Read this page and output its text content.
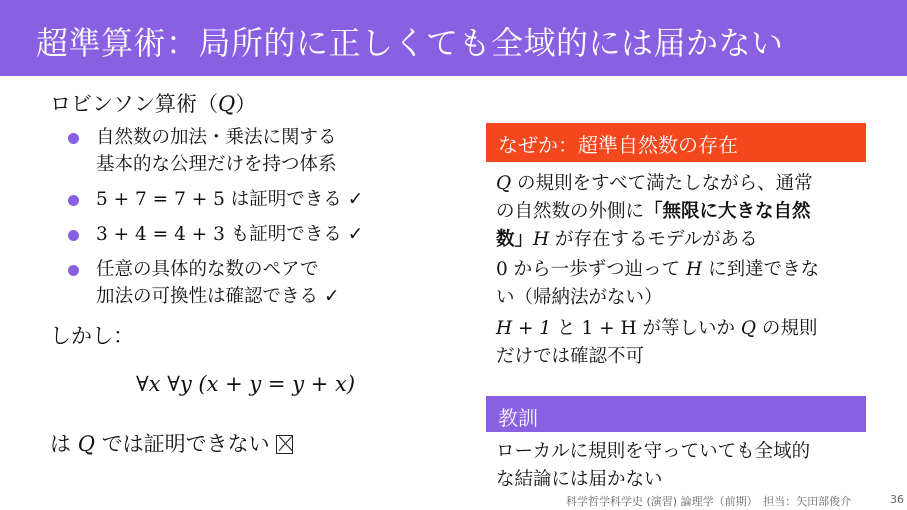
超準算術：局所的に正しくても全域的には届かない

ロビンソン算術（Q）

自然数の加法・乗法に関する
基本的な公理だけを持つ体系
5 + 7 = 7 + 5 は証明できる ✓
3 + 4 = 4 + 3 も証明できる ✓
任意の具体的な数のペアで
加法の可換性は確認できる ✓
しかし：
∀x ∀y (x + y = y + x)
は Q では証明できない
なぜか：超準自然数の存在

Q の規則をすべて満たしながら、通常
の自然数の外側に「無限に大きな自然
数」H が存在するモデルがある

0 から一歩ずつ辿って H に到達できな
い（帰納法がない）

H + 1 と 1 + H が等しいか Q の規則
だけでは確認不可

教訓

ローカルに規則を守っていても全域的
な結論には届かない

科学哲学科学史 (演習) 論理学（前期）　担当：矢田部俊介	36
